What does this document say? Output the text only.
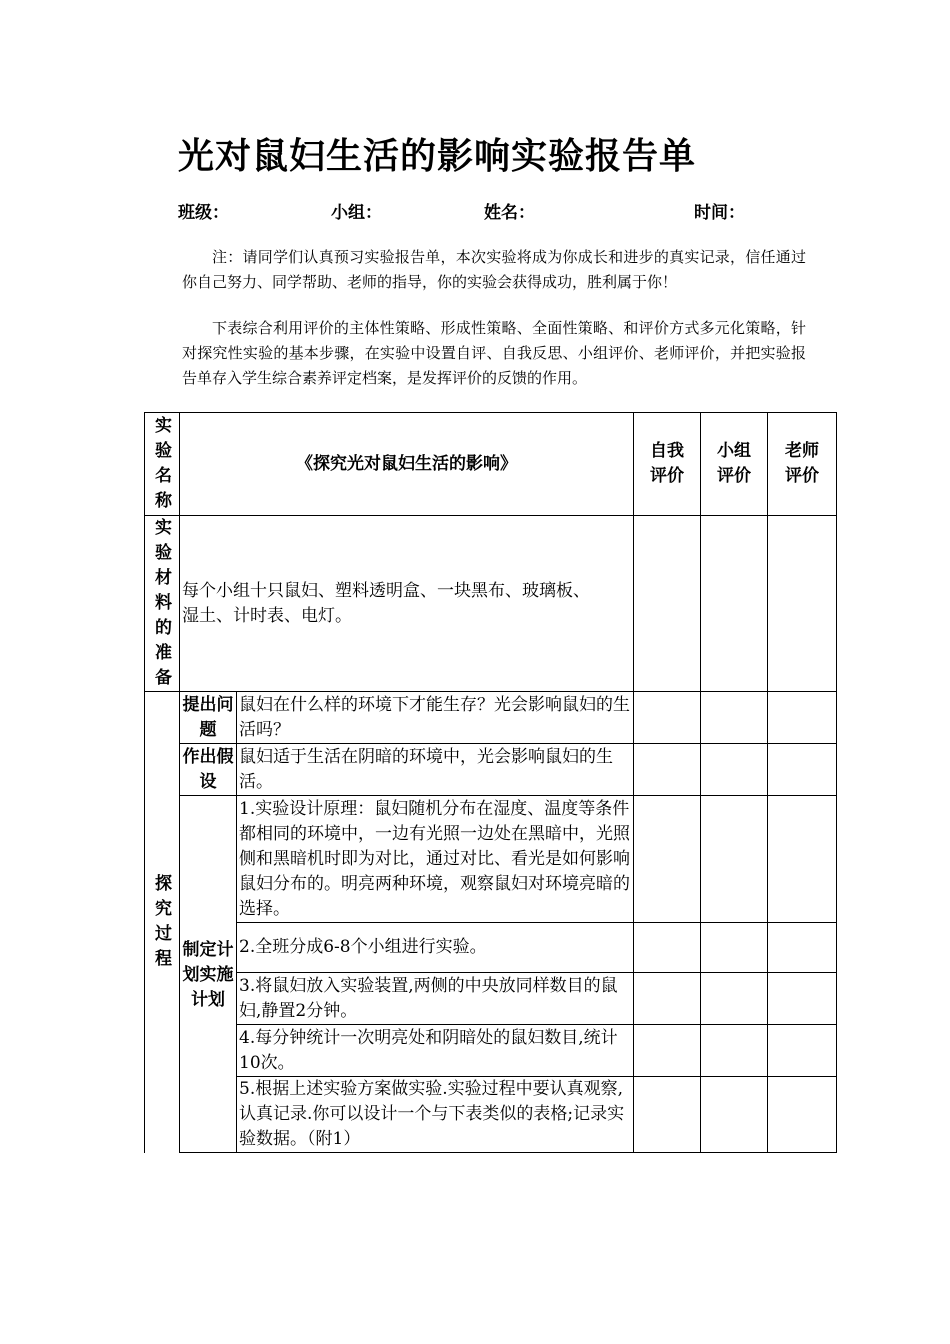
光对鼠妇生活的影响实验报告单
班级：	小组：	姓名：	时间：
注：请同学们认真预习实验报告单，本次实验将成为你成长和进步的真实记录，信任通过你自己努力、同学帮助、老师的指导，你的实验会获得成功，胜利属于你！
下表综合利用评价的主体性策略、形成性策略、全面性策略、和评价方式多元化策略，针对探究性实验的基本步骤，在实验中设置自评、自我反思、小组评价、老师评价，并把实验报告单存入学生综合素养评定档案，是发挥评价的反馈的作用。
实验名称	《探究光对鼠妇生活的影响》		自我评价	小组评价	老师评价

实验材料的准备	每个小组十只鼠妇、塑料透明盒、一块黑布、玻璃板、湿土、计时表、电灯。				

探究过程	提出问题	鼠妇在什么样的环境下才能生存？光会影响鼠妇的生活吗？			
	作出假设	鼠妇适于生活在阴暗的环境中，光会影响鼠妇的生活。			
	制定计划实施计划	1.实验设计原理：鼠妇随机分布在湿度、温度等条件都相同的环境中，一边有光照一边处在黑暗中，光照侧和黑暗机时即为对比，通过对比、看光是如何影响鼠妇分布的。明亮两种环境，观察鼠妇对环境亮暗的选择。			
		2.全班分成6-8个小组进行实验。			
		3.将鼠妇放入实验装置,两侧的中央放同样数目的鼠妇,静置2分钟。			
		4.每分钟统计一次明亮处和阴暗处的鼠妇数目,统计10次。			
		5.根据上述实验方案做实验.实验过程中要认真观察,认真记录.你可以设计一个与下表类似的表格;记录实验数据。（附1）			
